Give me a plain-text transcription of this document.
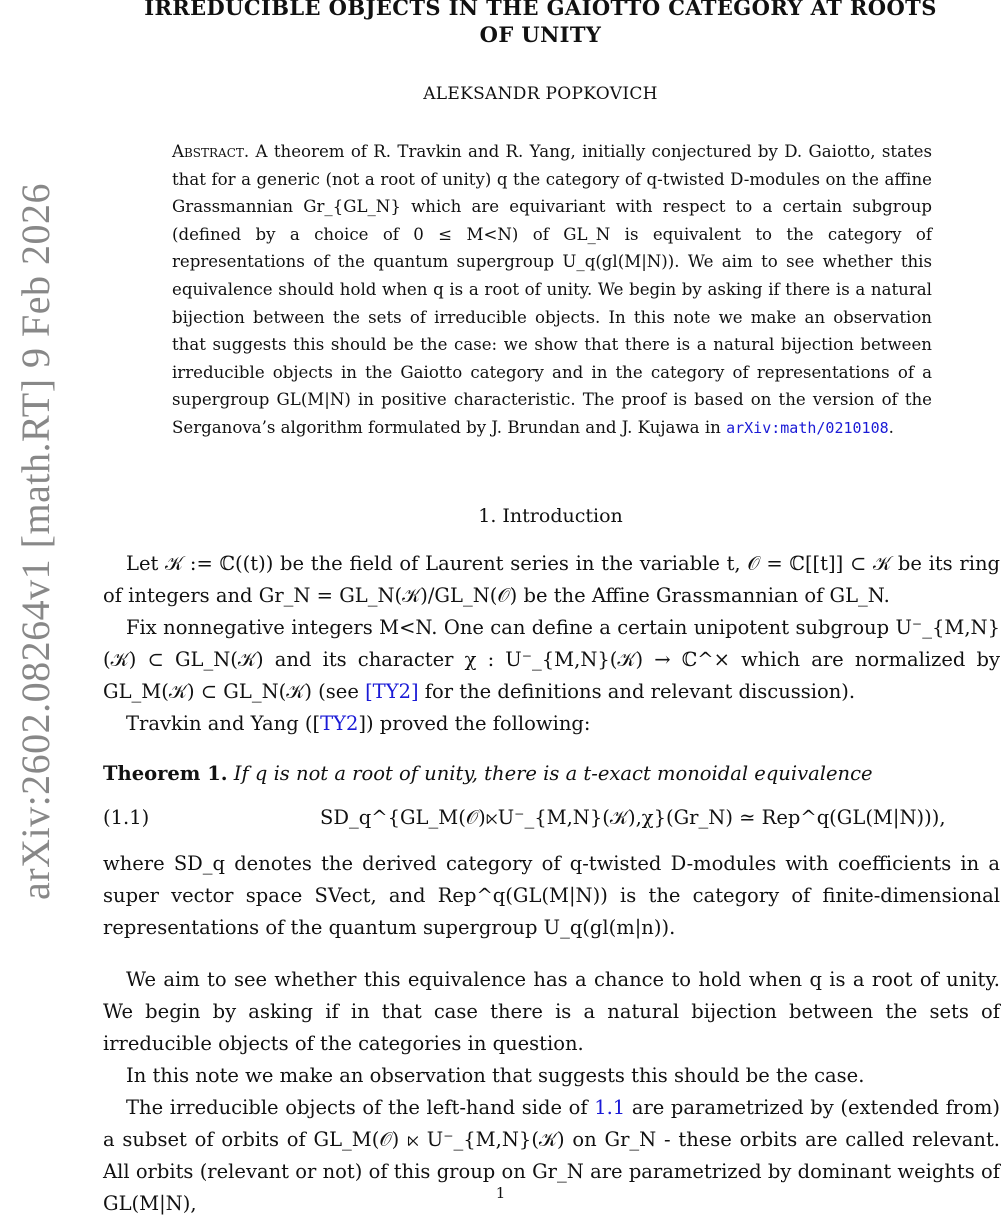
arXiv:2602.08264v1 [math.RT] 9 Feb 2026
IRREDUCIBLE OBJECTS IN THE GAIOTTO CATEGORY AT ROOTS
OF UNITY
ALEKSANDR POPKOVICH
Abstract. A theorem of R. Travkin and R. Yang, initially conjectured by D. Gaiotto, states that for a generic (not a root of unity) q the category of q-twisted D-modules on the affine Grassmannian Gr_{GL_N} which are equivariant with respect to a certain subgroup (defined by a choice of 0 ≤ M<N) of GL_N is equivalent to the category of representations of the quantum supergroup U_q(gl(M|N)). We aim to see whether this equivalence should hold when q is a root of unity. We begin by asking if there is a natural bijection between the sets of irreducible objects. In this note we make an observation that suggests this should be the case: we show that there is a natural bijection between irreducible objects in the Gaiotto category and in the category of representations of a supergroup GL(M|N) in positive characteristic. The proof is based on the version of the Serganova’s algorithm formulated by J. Brundan and J. Kujawa in arXiv:math/0210108.
1. Introduction

Let 𝒦 := ℂ((t)) be the field of Laurent series in the variable t, 𝒪 = ℂ[[t]] ⊂ 𝒦 be its ring of integers and Gr_N = GL_N(𝒦)/GL_N(𝒪) be the Affine Grassmannian of GL_N.

Fix nonnegative integers M<N. One can define a certain unipotent subgroup U⁻_{M,N}(𝒦) ⊂ GL_N(𝒦) and its character χ : U⁻_{M,N}(𝒦) → ℂ^× which are normalized by GL_M(𝒦) ⊂ GL_N(𝒦) (see [TY2] for the definitions and relevant discussion).

Travkin and Yang ([TY2]) proved the following:

Theorem 1. If q is not a root of unity, there is a t-exact monoidal equivalence
(1.1)	SD_q^{GL_M(𝒪)⋉U⁻_{M,N}(𝒦),χ}(Gr_N) ≃ Rep^q(GL(M|N))),

where SD_q denotes the derived category of q-twisted D-modules with coefficients in a super vector space SVect, and Rep^q(GL(M|N)) is the category of finite-dimensional representations of the quantum supergroup U_q(gl(m|n)).

We aim to see whether this equivalence has a chance to hold when q is a root of unity. We begin by asking if in that case there is a natural bijection between the sets of irreducible objects of the categories in question.

In this note we make an observation that suggests this should be the case.

The irreducible objects of the left-hand side of 1.1 are parametrized by (extended from) a subset of orbits of GL_M(𝒪) ⋉ U⁻_{M,N}(𝒦) on Gr_N - these orbits are called relevant. All orbits (relevant or not) of this group on Gr_N are parametrized by dominant weights of GL(M|N),	1
